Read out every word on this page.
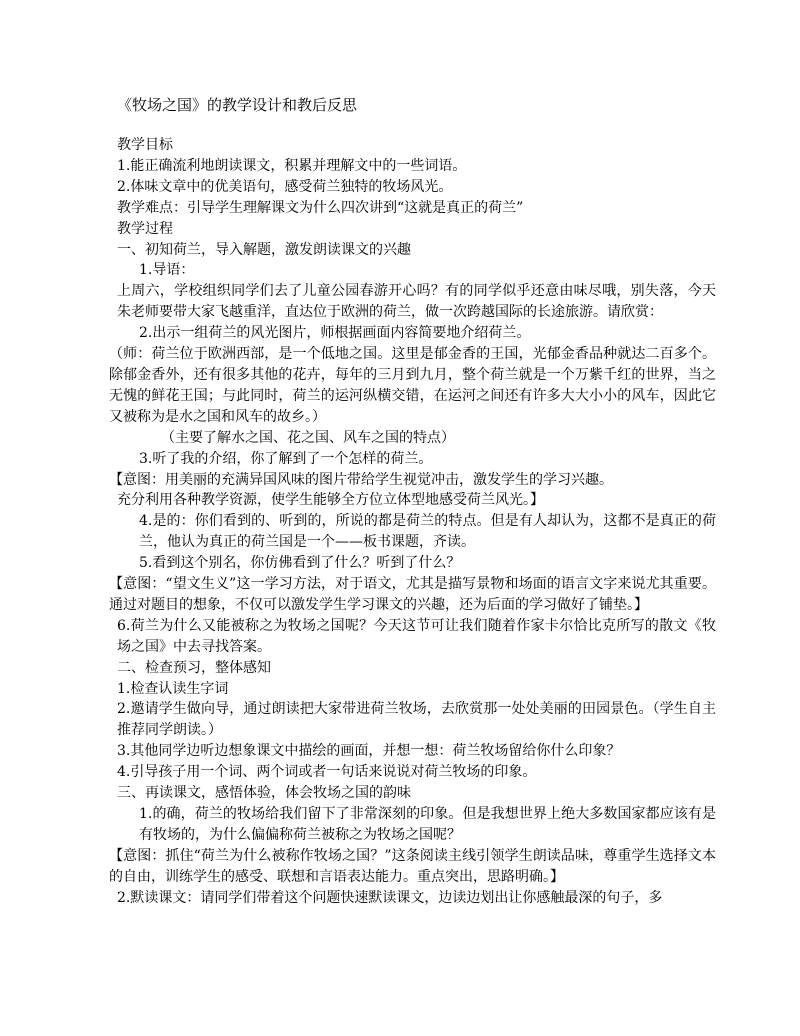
《牧场之国》的教学设计和教后反思
教学目标
1.能正确流利地朗读课文，积累并理解文中的一些词语。
2.体味文章中的优美语句，感受荷兰独特的牧场风光。
教学难点：引导学生理解课文为什么四次讲到“这就是真正的荷兰”
教学过程
一、初知荷兰，导入解题，激发朗读课文的兴趣
1.导语：
上周六，学校组织同学们去了儿童公园春游开心吗？有的同学似乎还意由味尽哦，别失落，今天朱老师要带大家飞越重洋，直达位于欧洲的荷兰，做一次跨越国际的长途旅游。请欣赏：
2.出示一组荷兰的风光图片，师根据画面内容简要地介绍荷兰。
（师：荷兰位于欧洲西部，是一个低地之国。这里是郁金香的王国，光郁金香品种就达二百多个。除郁金香外，还有很多其他的花卉，每年的三月到九月，整个荷兰就是一个万紫千红的世界，当之无愧的鲜花王国；与此同时，荷兰的运河纵横交错，在运河之间还有许多大大小小的风车，因此它又被称为是水之国和风车的故乡。）
（主要了解水之国、花之国、风车之国的特点）
3.听了我的介绍，你了解到了一个怎样的荷兰。
【意图：用美丽的充满异国风味的图片带给学生视觉冲击，激发学生的学习兴趣。
充分利用各种教学资源，使学生能够全方位立体型地感受荷兰风光。】
4.是的：你们看到的、听到的，所说的都是荷兰的特点。但是有人却认为，这都不是真正的荷兰，他认为真正的荷兰国是一个——板书课题，齐读。
5.看到这个别名，你仿佛看到了什么？听到了什么？
【意图：“望文生义”这一学习方法，对于语文，尤其是描写景物和场面的语言文字来说尤其重要。通过对题目的想象，不仅可以激发学生学习课文的兴趣，还为后面的学习做好了铺垫。】
6.荷兰为什么又能被称之为牧场之国呢？今天这节可让我们随着作家卡尔恰比克所写的散文《牧场之国》中去寻找答案。
二、检查预习，整体感知
1.检查认读生字词
2.邀请学生做向导，通过朗读把大家带进荷兰牧场，去欣赏那一处处美丽的田园景色。（学生自主推荐同学朗读。）
3.其他同学边听边想象课文中描绘的画面，并想一想：荷兰牧场留给你什么印象？
4.引导孩子用一个词、两个词或者一句话来说说对荷兰牧场的印象。
三、再读课文，感悟体验，体会牧场之国的韵味
1.的确，荷兰的牧场给我们留下了非常深刻的印象。但是我想世界上绝大多数国家都应该有是有牧场的，为什么偏偏称荷兰被称之为牧场之国呢？
【意图：抓住“荷兰为什么被称作牧场之国？”这条阅读主线引领学生朗读品味，尊重学生选择文本的自由，训练学生的感受、联想和言语表达能力。重点突出，思路明确。】
2.默读课文：请同学们带着这个问题快速默读课文，边读边划出让你感触最深的句子，多
